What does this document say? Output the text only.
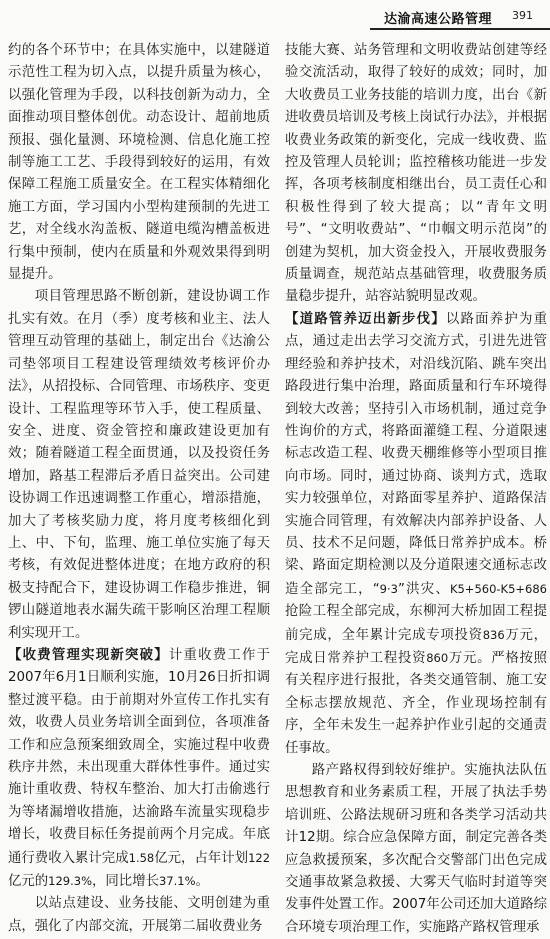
达渝高速公路管理 391

约的各个环节中；在具体实施中，以建隧道示范性工程为切入点，以提升质量为核心，以强化管理为手段，以科技创新为动力，全面推动项目整体创优。动态设计、超前地质预报、强化量测、环境检测、信息化施工控制等施工工艺、手段得到较好的运用，有效保障工程施工质量安全。在工程实体精细化施工方面，学习国内小型构建预制的先进工艺，对全线水沟盖板、隧道电缆沟槽盖板进行集中预制，使内在质量和外观效果得到明显提升。

项目管理思路不断创新，建设协调工作扎实有效。在月（季）度考核和业主、法人管理互动管理的基础上，制定出台《达渝公司垫邻项目工程建设管理绩效考核评价办法》，从招投标、合同管理、市场秩序、变更设计、工程监理等环节入手，使工程质量、安全、进度、资金管控和廉政建设更加有效；随着隧道工程全面贯通，以及投资任务增加，路基工程滞后矛盾日益突出。公司建设协调工作迅速调整工作重心，增添措施，加大了考核奖励力度，将月度考核细化到上、中、下旬，监理、施工单位实施了每天考核，有效促进整体进度；在地方政府的积极支持配合下，建设协调工作稳步推进，铜锣山隧道地表水漏失疏干影响区治理工程顺利实现开工。

【收费管理实现新突破】计重收费工作于2007年6月1日顺利实施，10月26日折扣调整过渡平稳。由于前期对外宣传工作扎实有效，收费人员业务培训全面到位，各项准备工作和应急预案细致周全，实施过程中收费秩序井然，未出现重大群体性事件。通过实施计重收费、特权车整治、加大打击偷逃行为等堵漏增收措施，达渝路车流量实现稳步增长，收费目标任务提前两个月完成。年底通行费收入累计完成1.58亿元，占年计划122亿元的129.3%，同比增长37.1%。

以站点建设、业务技能、文明创建为重点，强化了内部交流，开展第二届收费业务

技能大赛、站务管理和文明收费站创建等经验交流活动，取得了较好的成效；同时，加大收费员工业务技能的培训力度，出台《新进收费员培训及考核上岗试行办法》，并根据收费业务政策的新变化，完成一线收费、监控及管理人员轮训；监控稽核功能进一步发挥，各项考核制度相继出台，员工责任心和积极性得到了较大提高；以“青年文明号”、“文明收费站”、“巾帼文明示范岗”的创建为契机，加大资金投入，开展收费服务质量调查，规范站点基础管理，收费服务质量稳步提升，站容站貌明显改观。

【道路管养迈出新步伐】以路面养护为重点，通过走出去学习交流方式，引进先进管理经验和养护技术，对沿线沉陷、跳车突出路段进行集中治理，路面质量和行车环境得到较大改善；坚持引入市场机制，通过竞争性询价的方式，将路面灌缝工程、分道限速标志改造工程、收费天棚维修等小型项目推向市场。同时，通过协商、谈判方式，选取实力较强单位，对路面零星养护、道路保洁实施合同管理，有效解决内部养护设备、人员、技术不足问题，降低日常养护成本。桥梁、路面定期检测以及分道限速交通标志改造全部完工，“9·3”洪灾、K5+560-K5+686抢险工程全部完成，东柳河大桥加固工程提前完成，全年累计完成专项投资836万元，完成日常养护工程投资860万元。严格按照有关程序进行报批，各类交通管制、施工安全标志摆放规范、齐全，作业现场控制有序，全年未发生一起养护作业引起的交通责任事故。

路产路权得到较好维护。实施执法队伍思想教育和业务素质工程，开展了执法手势培训班、公路法规研习班和各类学习活动共计12期。综合应急保障方面，制定完善各类应急救援预案，多次配合交警部门出色完成交通事故紧急救援、大雾天气临时封道等突发事件处置工作。2007年公司还加大道路综合环境专项治理工作，实施路产路权管理承
